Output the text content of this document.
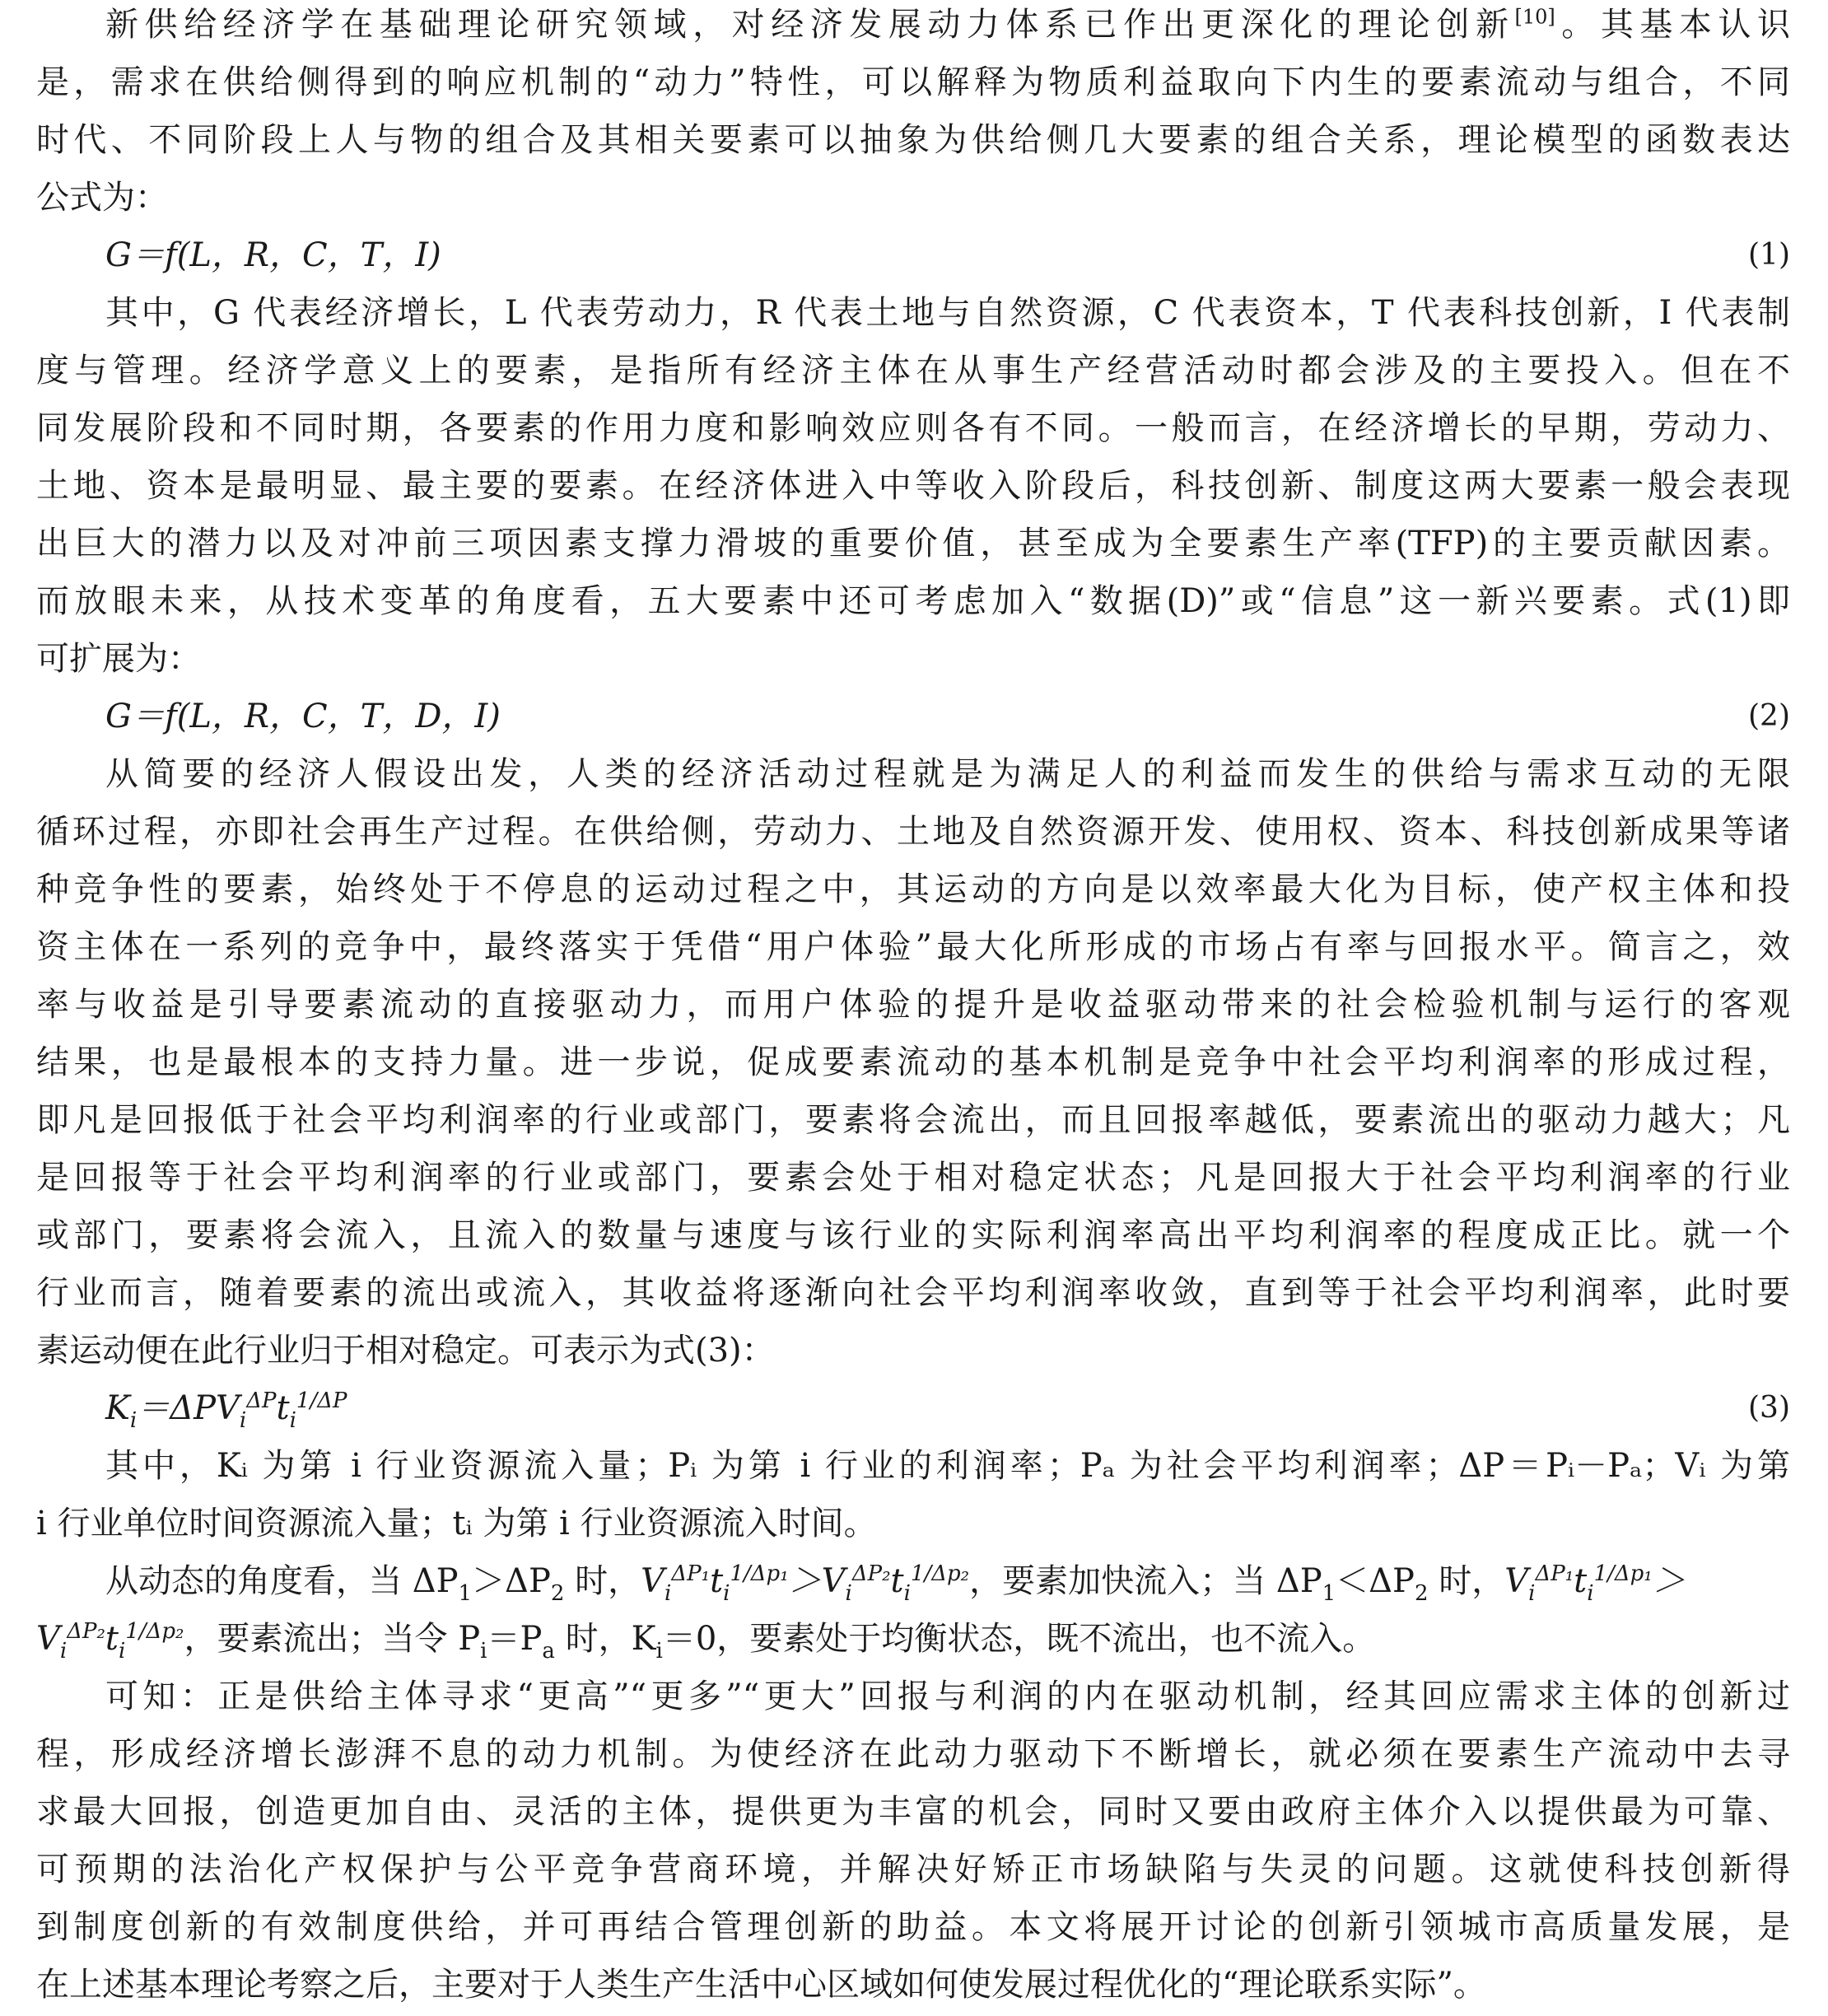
新供给经济学在基础理论研究领域，对经济发展动力体系已作出更深化的理论创新[10]。其基本认识
是，需求在供给侧得到的响应机制的“动力”特性，可以解释为物质利益取向下内生的要素流动与组合，不同
时代、不同阶段上人与物的组合及其相关要素可以抽象为供给侧几大要素的组合关系，理论模型的函数表达
公式为：
G＝f(L，R，C，T，I)	(1)
其中，G 代表经济增长，L 代表劳动力，R 代表土地与自然资源，C 代表资本，T 代表科技创新，I 代表制
度与管理。经济学意义上的要素，是指所有经济主体在从事生产经营活动时都会涉及的主要投入。但在不
同发展阶段和不同时期，各要素的作用力度和影响效应则各有不同。一般而言，在经济增长的早期，劳动力、
土地、资本是最明显、最主要的要素。在经济体进入中等收入阶段后，科技创新、制度这两大要素一般会表现
出巨大的潜力以及对冲前三项因素支撑力滑坡的重要价值，甚至成为全要素生产率(TFP)的主要贡献因素。
而放眼未来，从技术变革的角度看，五大要素中还可考虑加入“数据(D)”或“信息”这一新兴要素。式(1)即
可扩展为：
G＝f(L，R，C，T，D，I)	(2)
从简要的经济人假设出发，人类的经济活动过程就是为满足人的利益而发生的供给与需求互动的无限
循环过程，亦即社会再生产过程。在供给侧，劳动力、土地及自然资源开发、使用权、资本、科技创新成果等诸
种竞争性的要素，始终处于不停息的运动过程之中，其运动的方向是以效率最大化为目标，使产权主体和投
资主体在一系列的竞争中，最终落实于凭借“用户体验”最大化所形成的市场占有率与回报水平。简言之，效
率与收益是引导要素流动的直接驱动力，而用户体验的提升是收益驱动带来的社会检验机制与运行的客观
结果，也是最根本的支持力量。进一步说，促成要素流动的基本机制是竞争中社会平均利润率的形成过程，
即凡是回报低于社会平均利润率的行业或部门，要素将会流出，而且回报率越低，要素流出的驱动力越大；凡
是回报等于社会平均利润率的行业或部门，要素会处于相对稳定状态；凡是回报大于社会平均利润率的行业
或部门，要素将会流入，且流入的数量与速度与该行业的实际利润率高出平均利润率的程度成正比。就一个
行业而言，随着要素的流出或流入，其收益将逐渐向社会平均利润率收敛，直到等于社会平均利润率，此时要
素运动便在此行业归于相对稳定。可表示为式(3)：
$K_i=\Delta PV_i^{\Delta P}t_i^{1/\Delta P}$	(3)
其中，Kᵢ 为第 i 行业资源流入量；Pᵢ 为第 i 行业的利润率；Pₐ 为社会平均利润率；ΔP＝Pᵢ－Pₐ；Vᵢ 为第
i 行业单位时间资源流入量；tᵢ 为第 i 行业资源流入时间。
从动态的角度看，当 $\Delta P_1>\Delta P_2$ 时，$V_i^{\Delta P_1}t_i^{1/\Delta p_1}>V_i^{\Delta P_2}t_i^{1/\Delta p_2}$，要素加快流入；当 $\Delta P_1<\Delta P_2$ 时，$V_i^{\Delta P_1}t_i^{1/\Delta p_1}>$
$V_i^{\Delta P_2}t_i^{1/\Delta p_2}$，要素流出；当令 $P_i=P_a$ 时，$K_i=0$，要素处于均衡状态，既不流出，也不流入。
可知：正是供给主体寻求“更高”“更多”“更大”回报与利润的内在驱动机制，经其回应需求主体的创新过
程，形成经济增长澎湃不息的动力机制。为使经济在此动力驱动下不断增长，就必须在要素生产流动中去寻
求最大回报，创造更加自由、灵活的主体，提供更为丰富的机会，同时又要由政府主体介入以提供最为可靠、
可预期的法治化产权保护与公平竞争营商环境，并解决好矫正市场缺陷与失灵的问题。这就使科技创新得
到制度创新的有效制度供给，并可再结合管理创新的助益。本文将展开讨论的创新引领城市高质量发展，是
在上述基本理论考察之后，主要对于人类生产生活中心区域如何使发展过程优化的“理论联系实际”。
